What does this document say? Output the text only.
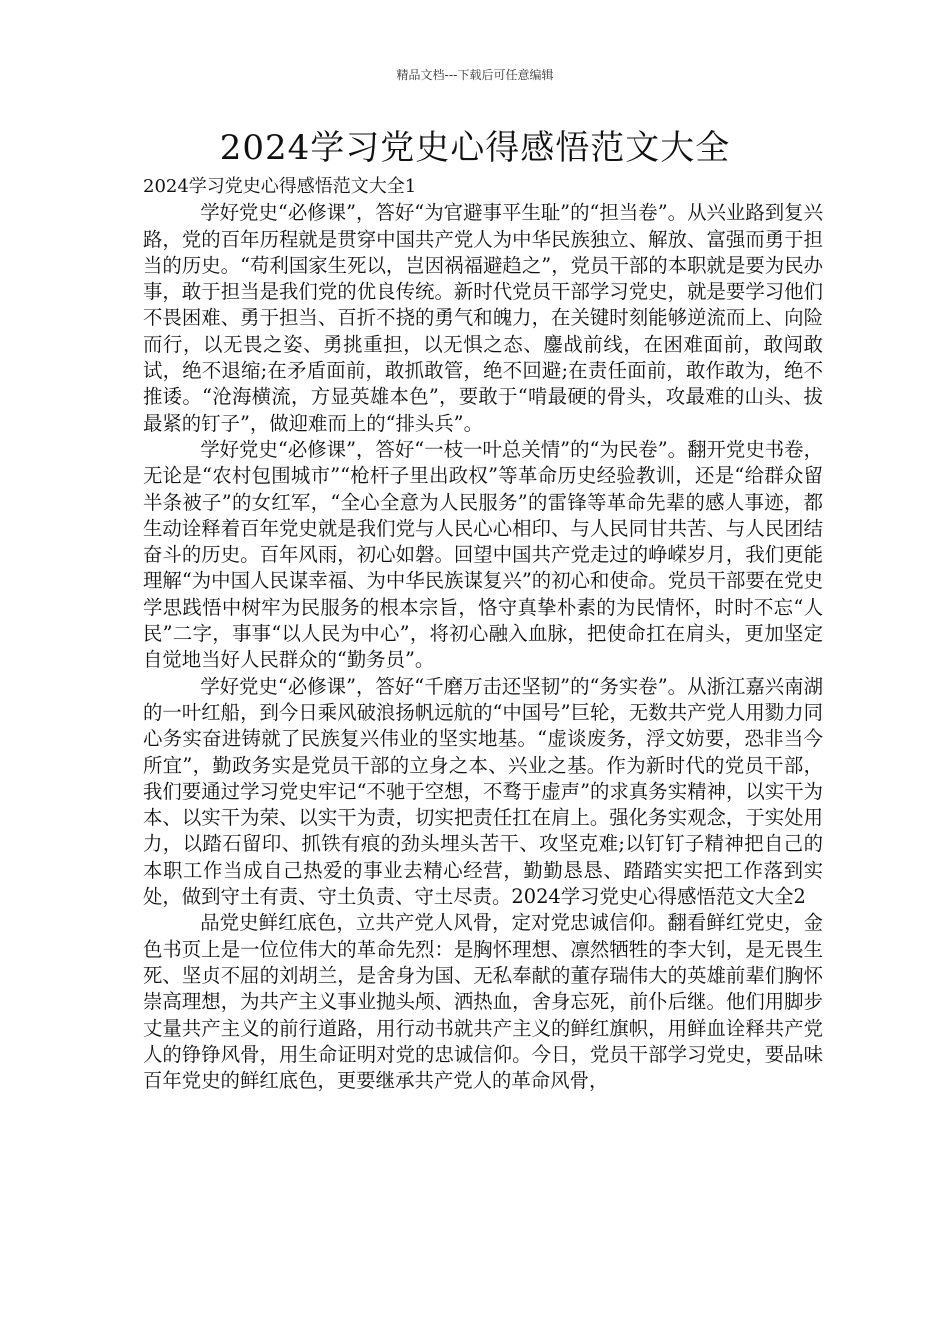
精品文档---下载后可任意编辑
2024学习党史心得感悟范文大全

2024学习党史心得感悟范文大全1

学好党史“必修课”，答好“为官避事平生耻”的“担当卷”。从兴业路到复兴路，党的百年历程就是贯穿中国共产党人为中华民族独立、解放、富强而勇于担当的历史。“苟利国家生死以，岂因祸福避趋之”，党员干部的本职就是要为民办事，敢于担当是我们党的优良传统。新时代党员干部学习党史，就是要学习他们不畏困难、勇于担当、百折不挠的勇气和魄力，在关键时刻能够逆流而上、向险而行，以无畏之姿、勇挑重担，以无惧之态、鏖战前线，在困难面前，敢闯敢试，绝不退缩;在矛盾面前，敢抓敢管，绝不回避;在责任面前，敢作敢为，绝不推诿。“沧海横流，方显英雄本色”，要敢于“啃最硬的骨头，攻最难的山头、拔最紧的钉子”，做迎难而上的“排头兵”。

学好党史“必修课”，答好“一枝一叶总关情”的“为民卷”。翻开党史书卷，无论是“农村包围城市”“枪杆子里出政权”等革命历史经验教训，还是“给群众留半条被子”的女红军，“全心全意为人民服务”的雷锋等革命先辈的感人事迹，都生动诠释着百年党史就是我们党与人民心心相印、与人民同甘共苦、与人民团结奋斗的历史。百年风雨，初心如磐。回望中国共产党走过的峥嵘岁月，我们更能理解“为中国人民谋幸福、为中华民族谋复兴”的初心和使命。党员干部要在党史学思践悟中树牢为民服务的根本宗旨，恪守真挚朴素的为民情怀，时时不忘“人民”二字，事事“以人民为中心”，将初心融入血脉，把使命扛在肩头，更加坚定自觉地当好人民群众的“勤务员”。

学好党史“必修课”，答好“千磨万击还坚韧”的“务实卷”。从浙江嘉兴南湖的一叶红船，到今日乘风破浪扬帆远航的“中国号”巨轮，无数共产党人用勠力同心务实奋进铸就了民族复兴伟业的坚实地基。“虚谈废务，浮文妨要，恐非当今所宜”，勤政务实是党员干部的立身之本、兴业之基。作为新时代的党员干部，我们要通过学习党史牢记“不驰于空想，不骛于虚声”的求真务实精神，以实干为本、以实干为荣、以实干为责，切实把责任扛在肩上。强化务实观念，于实处用力，以踏石留印、抓铁有痕的劲头埋头苦干、攻坚克难;以钉钉子精神把自己的本职工作当成自己热爱的事业去精心经营，勤勤恳恳、踏踏实实把工作落到实处，做到守土有责、守土负责、守土尽责。2024学习党史心得感悟范文大全2

品党史鲜红底色，立共产党人风骨，定对党忠诚信仰。翻看鲜红党史，金色书页上是一位位伟大的革命先烈：是胸怀理想、凛然牺牲的李大钊，是无畏生死、坚贞不屈的刘胡兰，是舍身为国、无私奉献的董存瑞伟大的英雄前辈们胸怀崇高理想，为共产主义事业抛头颅、洒热血，舍身忘死，前仆后继。他们用脚步丈量共产主义的前行道路，用行动书就共产主义的鲜红旗帜，用鲜血诠释共产党人的铮铮风骨，用生命证明对党的忠诚信仰。今日，党员干部学习党史，要品味百年党史的鲜红底色，更要继承共产党人的革命风骨，
